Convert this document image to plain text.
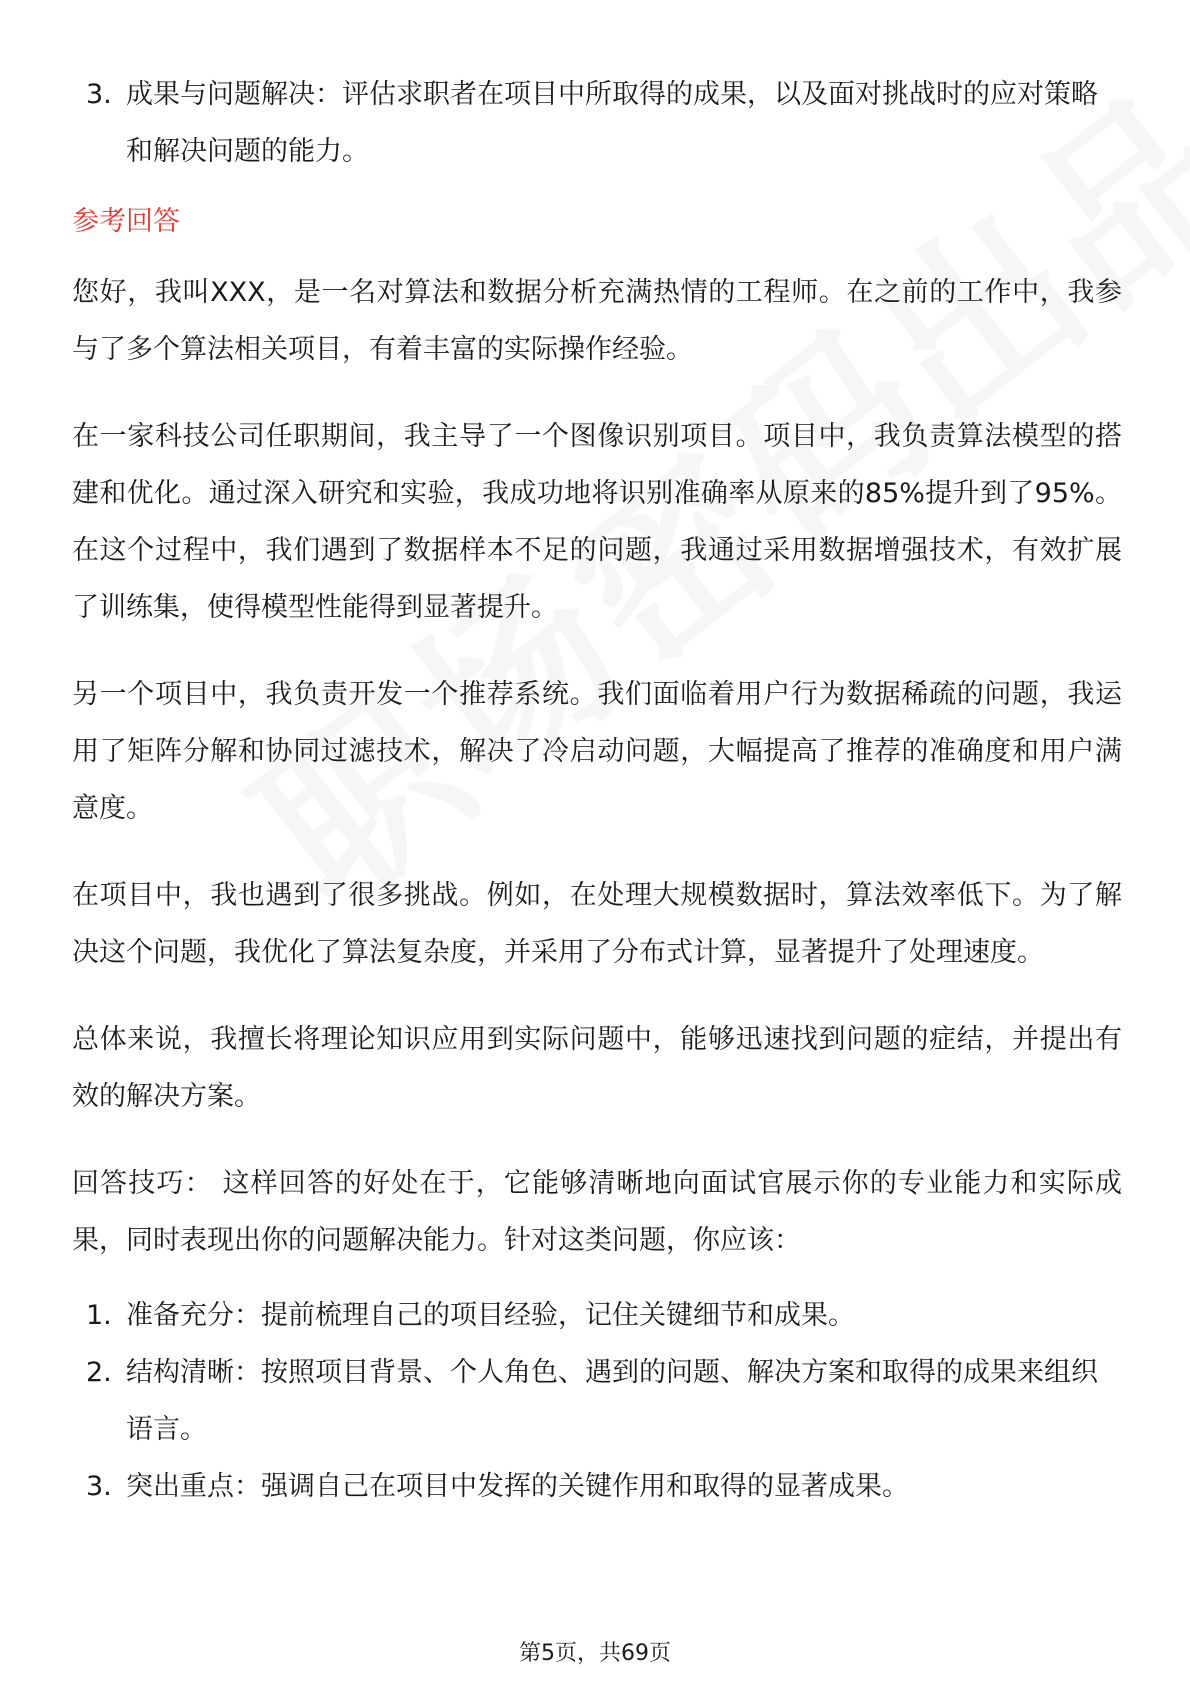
3. 成果与问题解决：评估求职者在项目中所取得的成果，以及面对挑战时的应对策略和解决问题的能力。
参考回答

您好，我叫XXX，是一名对算法和数据分析充满热情的工程师。在之前的工作中，我参与了多个算法相关项目，有着丰富的实际操作经验。

在一家科技公司任职期间，我主导了一个图像识别项目。项目中，我负责算法模型的搭建和优化。通过深入研究和实验，我成功地将识别准确率从原来的85%提升到了95%。在这个过程中，我们遇到了数据样本不足的问题，我通过采用数据增强技术，有效扩展了训练集，使得模型性能得到显著提升。

另一个项目中，我负责开发一个推荐系统。我们面临着用户行为数据稀疏的问题，我运用了矩阵分解和协同过滤技术，解决了冷启动问题，大幅提高了推荐的准确度和用户满意度。

在项目中，我也遇到了很多挑战。例如，在处理大规模数据时，算法效率低下。为了解决这个问题，我优化了算法复杂度，并采用了分布式计算，显著提升了处理速度。

总体来说，我擅长将理论知识应用到实际问题中，能够迅速找到问题的症结，并提出有效的解决方案。

回答技巧： 这样回答的好处在于，它能够清晰地向面试官展示你的专业能力和实际成果，同时表现出你的问题解决能力。针对这类问题，你应该：

1. 准备充分：提前梳理自己的项目经验，记住关键细节和成果。
2. 结构清晰：按照项目背景、个人角色、遇到的问题、解决方案和取得的成果来组织语言。
3. 突出重点：强调自己在项目中发挥的关键作用和取得的显著成果。
第5页，共69页
